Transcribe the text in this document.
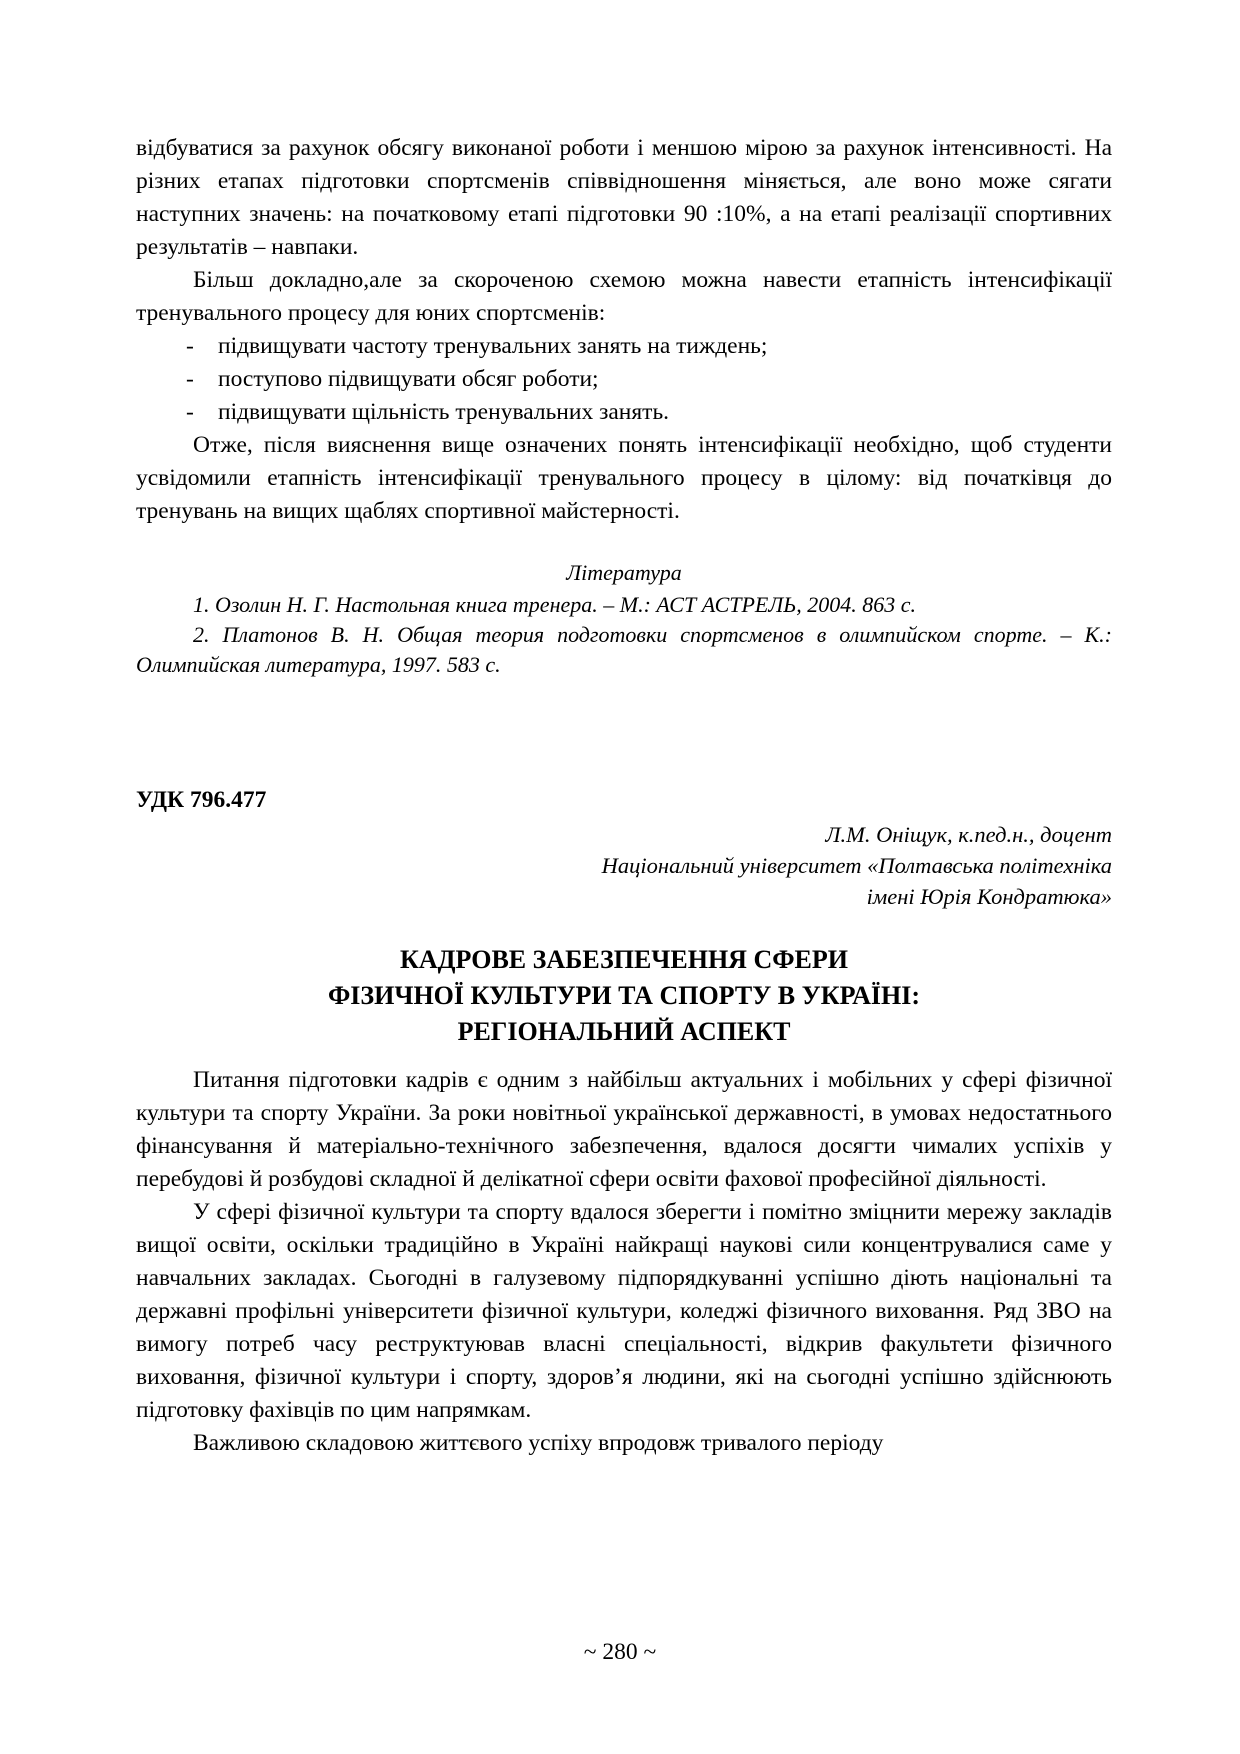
відбуватися за рахунок обсягу виконаної роботи і меншою мірою за рахунок інтенсивності. На різних етапах підготовки спортсменів співвідношення міняється, але воно може сягати наступних значень: на початковому етапі підготовки 90 :10%, а на етапі реалізації спортивних результатів – навпаки.

Більш докладно,але за скороченою схемою можна навести етапність інтенсифікації тренувального процесу для юних спортсменів:

- підвищувати частоту тренувальних занять на тиждень;
- поступово підвищувати обсяг роботи;
- підвищувати щільність тренувальних занять.

Отже, після вияснення вище означених понять інтенсифікації необхідно, щоб студенти усвідомили етапність інтенсифікації тренувального процесу в цілому: від початківця до тренувань на вищих щаблях спортивної майстерності.

Література

1. Озолин Н. Г. Настольная книга тренера. – М.: АСТ АСТРЕЛЬ, 2004. 863 с.

2. Платонов В. Н. Общая теория подготовки спортсменов в олимпийском спорте. – К.: Олимпийская литература, 1997. 583 с.

УДК 796.477

Л.М. Оніщук, к.пед.н., доцент
Національний університет «Полтавська політехніка
імені Юрія Кондратюка»
КАДРОВЕ ЗАБЕЗПЕЧЕННЯ СФЕРИ
ФІЗИЧНОЇ КУЛЬТУРИ ТА СПОРТУ В УКРАЇНІ:
РЕГІОНАЛЬНИЙ АСПЕКТ

Питання підготовки кадрів є одним з найбільш актуальних і мобільних у сфері фізичної культури та спорту України. За роки новітньої української державності, в умовах недостатнього фінансування й матеріально-технічного забезпечення, вдалося досягти чималих успіхів у перебудові й розбудові складної й делікатної сфери освіти фахової професійної діяльності.

У сфері фізичної культури та спорту вдалося зберегти і помітно зміцнити мережу закладів вищої освіти, оскільки традиційно в Україні найкращі наукові сили концентрувалися саме у навчальних закладах. Сьогодні в галузевому підпорядкуванні успішно діють національні та державні профільні університети фізичної культури, коледжі фізичного виховання. Ряд ЗВО на вимогу потреб часу реструктуював власні спеціальності, відкрив факультети фізичного виховання, фізичної культури і спорту, здоров’я людини, які на сьогодні успішно здійснюють підготовку фахівців по цим напрямкам.

Важливою складовою життєвого успіху впродовж тривалого періоду

~ 280 ~
